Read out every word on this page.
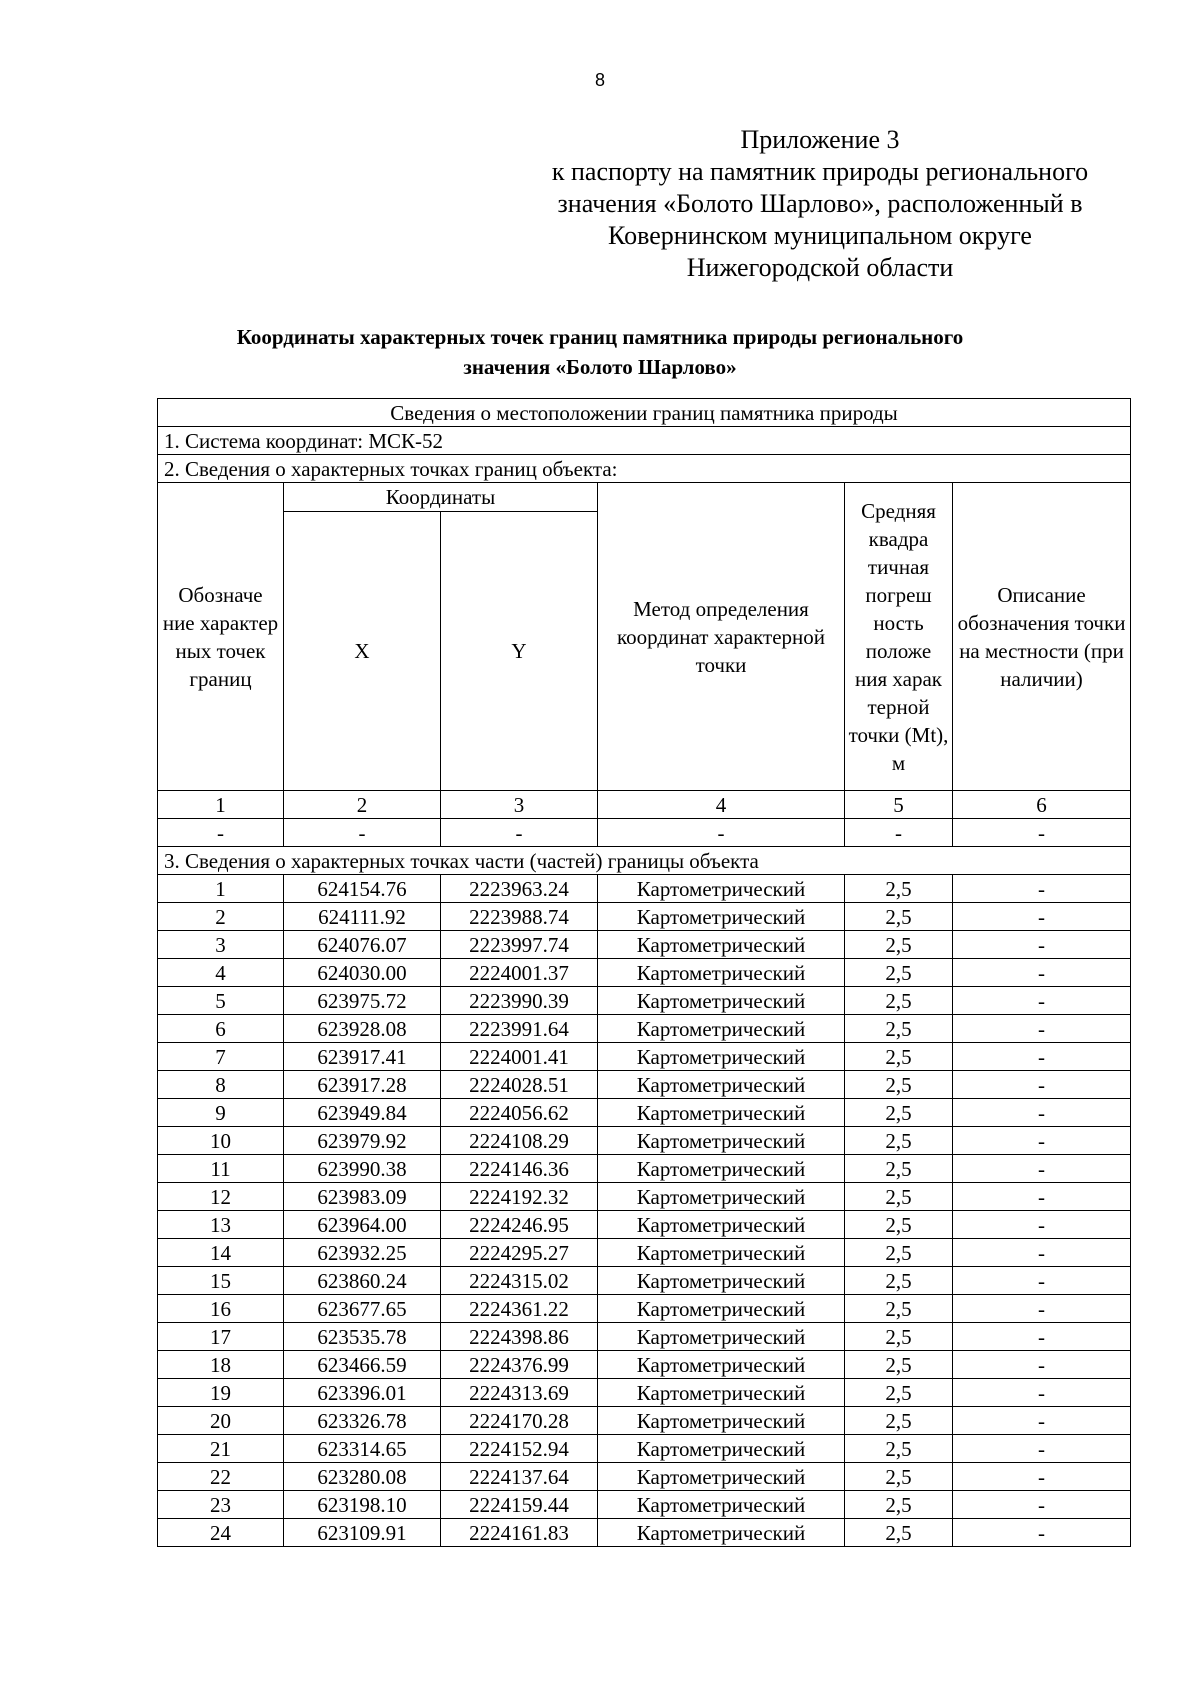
8
Приложение 3
к паспорту на памятник природы регионального
значения «Болото Шарлово», расположенный в
Ковернинском муниципальном округе
Нижегородской области
Координаты характерных точек границ памятника природы регионального
значения «Болото Шарлово»
Сведения о местоположении границ памятника природы					
1. Система координат: МСК-52					
2. Сведения о характерных точках границ объекта:					
Обозначе ние характер ных точек границ	Координаты		Метод определения координат характерной точки	Средняя квадра тичная погреш ность положе ния харак терной точки (Mt), м	Описание обозначения точки на местности (при наличии)
	X	Y			
1	2	3	4	5	6
-	-	-	-	-	-
3. Сведения о характерных точках части (частей) границы объекта					
1	624154.76	2223963.24	Картометрический	2,5	-
2	624111.92	2223988.74	Картометрический	2,5	-
3	624076.07	2223997.74	Картометрический	2,5	-
4	624030.00	2224001.37	Картометрический	2,5	-
5	623975.72	2223990.39	Картометрический	2,5	-
6	623928.08	2223991.64	Картометрический	2,5	-
7	623917.41	2224001.41	Картометрический	2,5	-
8	623917.28	2224028.51	Картометрический	2,5	-
9	623949.84	2224056.62	Картометрический	2,5	-
10	623979.92	2224108.29	Картометрический	2,5	-
11	623990.38	2224146.36	Картометрический	2,5	-
12	623983.09	2224192.32	Картометрический	2,5	-
13	623964.00	2224246.95	Картометрический	2,5	-
14	623932.25	2224295.27	Картометрический	2,5	-
15	623860.24	2224315.02	Картометрический	2,5	-
16	623677.65	2224361.22	Картометрический	2,5	-
17	623535.78	2224398.86	Картометрический	2,5	-
18	623466.59	2224376.99	Картометрический	2,5	-
19	623396.01	2224313.69	Картометрический	2,5	-
20	623326.78	2224170.28	Картометрический	2,5	-
21	623314.65	2224152.94	Картометрический	2,5	-
22	623280.08	2224137.64	Картометрический	2,5	-
23	623198.10	2224159.44	Картометрический	2,5	-
24	623109.91	2224161.83	Картометрический	2,5	-
